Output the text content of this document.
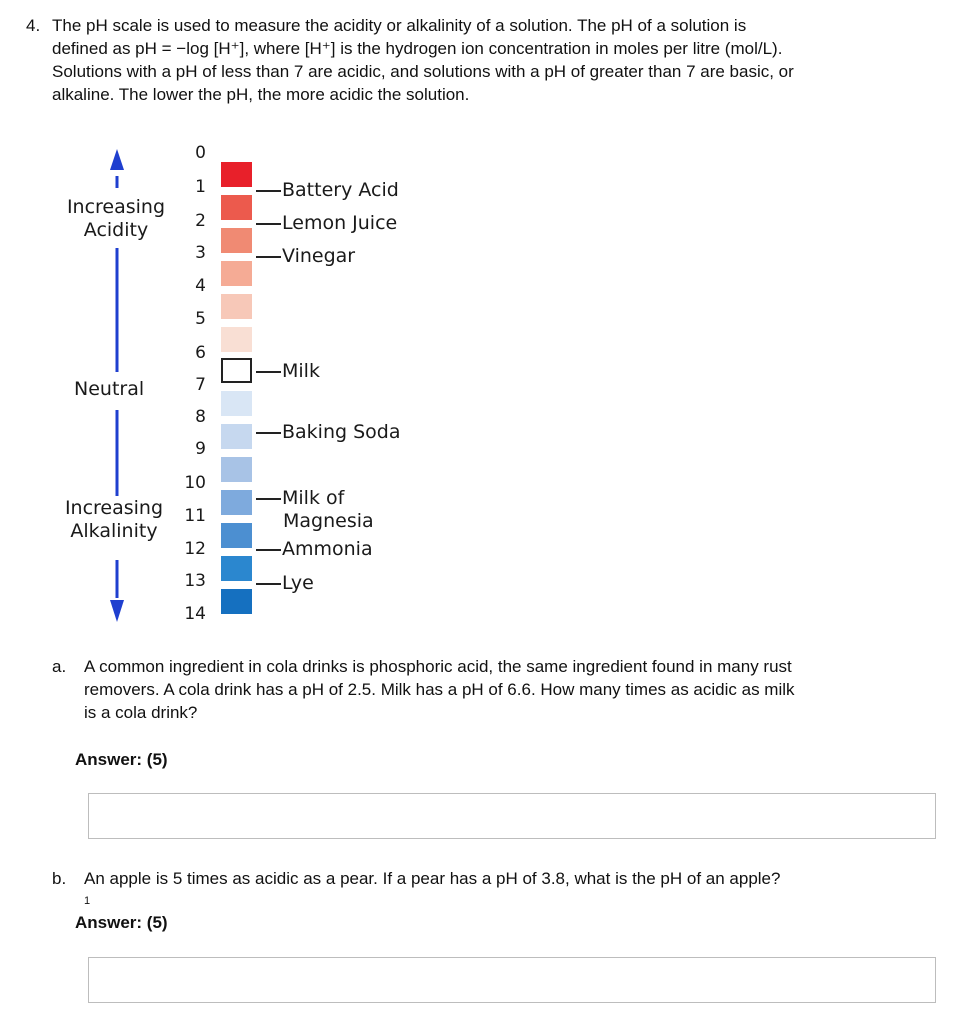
4. The pH scale is used to measure the acidity or alkalinity of a solution. The pH of a solution is
defined as pH = −log [H⁺], where [H⁺] is the hydrogen ion concentration in moles per litre (mol/L).
Solutions with a pH of less than 7 are acidic, and solutions with a pH of greater than 7 are basic, or
alkaline. The lower the pH, the more acidic the solution.

Increasing
Acidity
Neutral
Increasing
Alkalinity
0
1
2
3
4
5
6
7
8
9
10
11
12
13
14
Battery Acid
Lemon Juice
Vinegar
Milk
Baking Soda
Milk of
Magnesia
Ammonia
Lye
a. A common ingredient in cola drinks is phosphoric acid, the same ingredient found in many rust
removers. A cola drink has a pH of 2.5. Milk has a pH of 6.6. How many times as acidic as milk
is a cola drink?
Answer: (5)
b. An apple is 5 times as acidic as a pear. If a pear has a pH of 3.8, what is the pH of an apple?
$^1$
Answer: (5)
